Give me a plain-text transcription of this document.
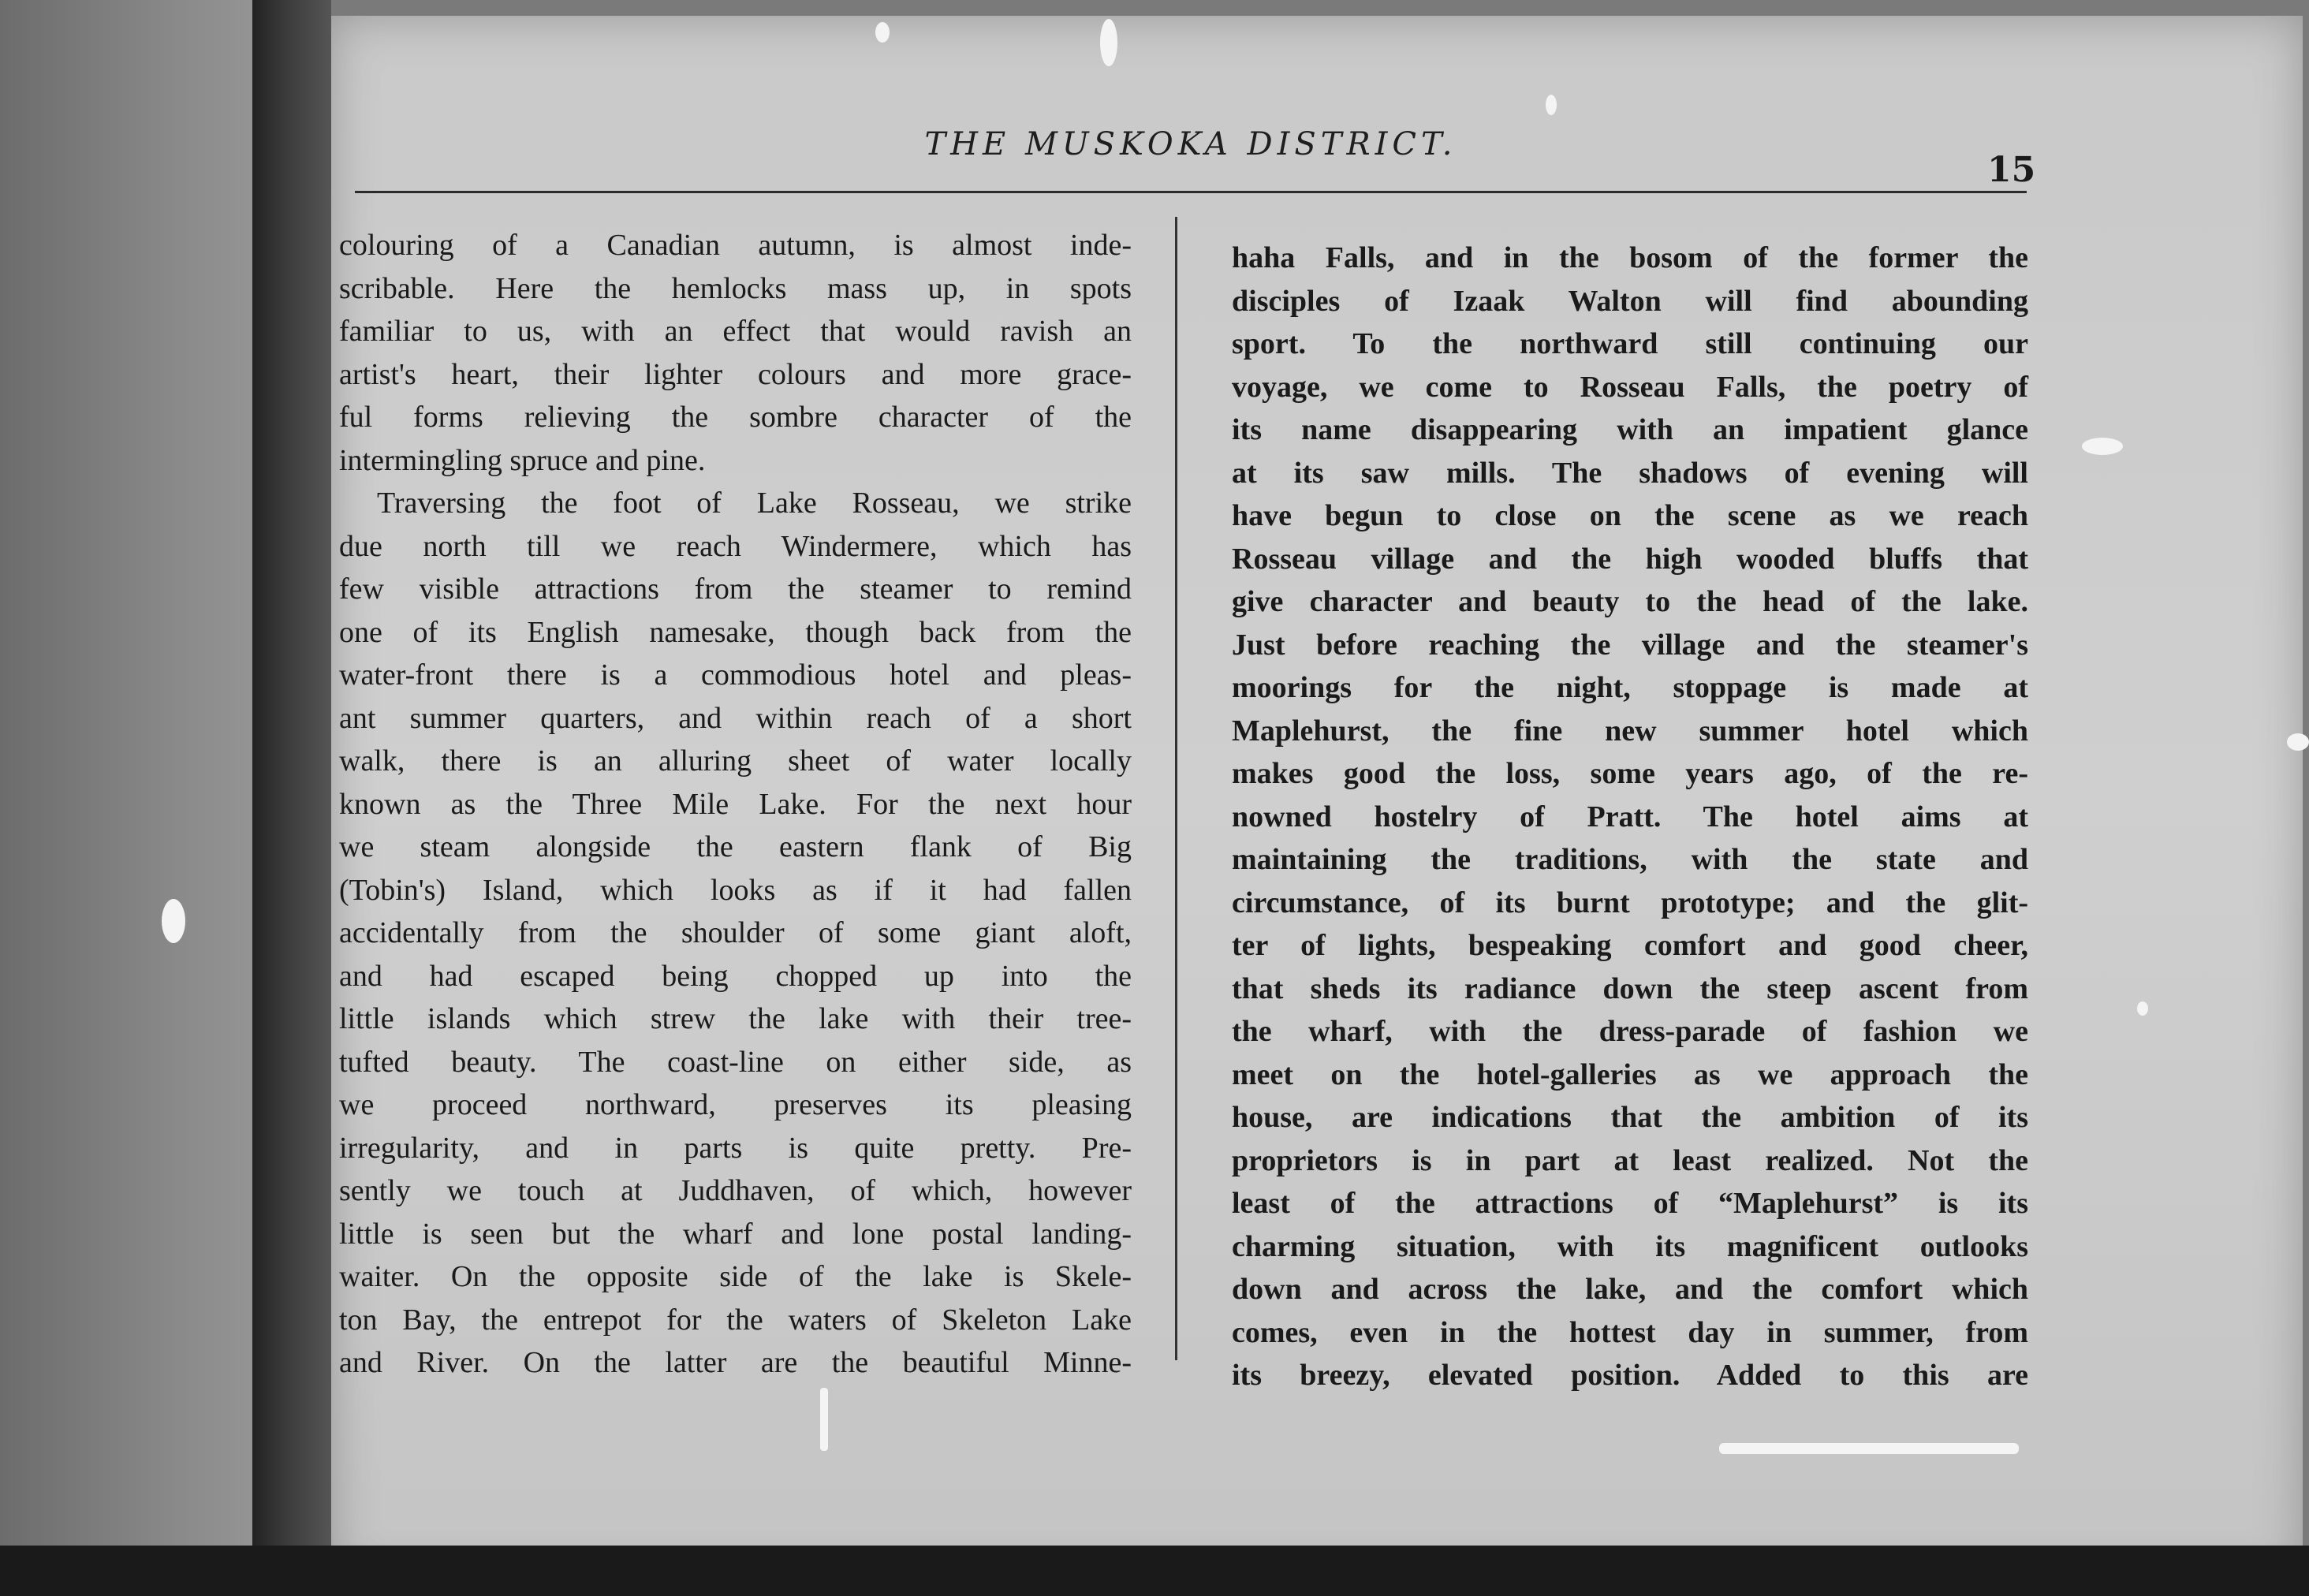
THE MUSKOKA DISTRICT.
15
colouring of a Canadian autumn, is almost inde-
scribable. Here the hemlocks mass up, in spots
familiar to us, with an effect that would ravish an
artist's heart, their lighter colours and more grace-
ful forms relieving the sombre character of the
intermingling spruce and pine.
Traversing the foot of Lake Rosseau, we strike
due north till we reach Windermere, which has
few visible attractions from the steamer to remind
one of its English namesake, though back from the
water-front there is a commodious hotel and pleas-
ant summer quarters, and within reach of a short
walk, there is an alluring sheet of water locally
known as the Three Mile Lake. For the next hour
we steam alongside the eastern flank of Big
(Tobin's) Island, which looks as if it had fallen
accidentally from the shoulder of some giant aloft,
and had escaped being chopped up into the
little islands which strew the lake with their tree-
tufted beauty. The coast-line on either side, as
we proceed northward, preserves its pleasing
irregularity, and in parts is quite pretty. Pre-
sently we touch at Juddhaven, of which, however
little is seen but the wharf and lone postal landing-
waiter. On the opposite side of the lake is Skele-
ton Bay, the entrepot for the waters of Skeleton Lake
and River. On the latter are the beautiful Minne-
haha Falls, and in the bosom of the former the
disciples of Izaak Walton will find abounding
sport. To the northward still continuing our
voyage, we come to Rosseau Falls, the poetry of
its name disappearing with an impatient glance
at its saw mills. The shadows of evening will
have begun to close on the scene as we reach
Rosseau village and the high wooded bluffs that
give character and beauty to the head of the lake.
Just before reaching the village and the steamer's
moorings for the night, stoppage is made at
Maplehurst, the fine new summer hotel which
makes good the loss, some years ago, of the re-
nowned hostelry of Pratt. The hotel aims at
maintaining the traditions, with the state and
circumstance, of its burnt prototype; and the glit-
ter of lights, bespeaking comfort and good cheer,
that sheds its radiance down the steep ascent from
the wharf, with the dress-parade of fashion we
meet on the hotel-galleries as we approach the
house, are indications that the ambition of its
proprietors is in part at least realized. Not the
least of the attractions of “Maplehurst” is its
charming situation, with its magnificent outlooks
down and across the lake, and the comfort which
comes, even in the hottest day in summer, from
its breezy, elevated position. Added to this are
